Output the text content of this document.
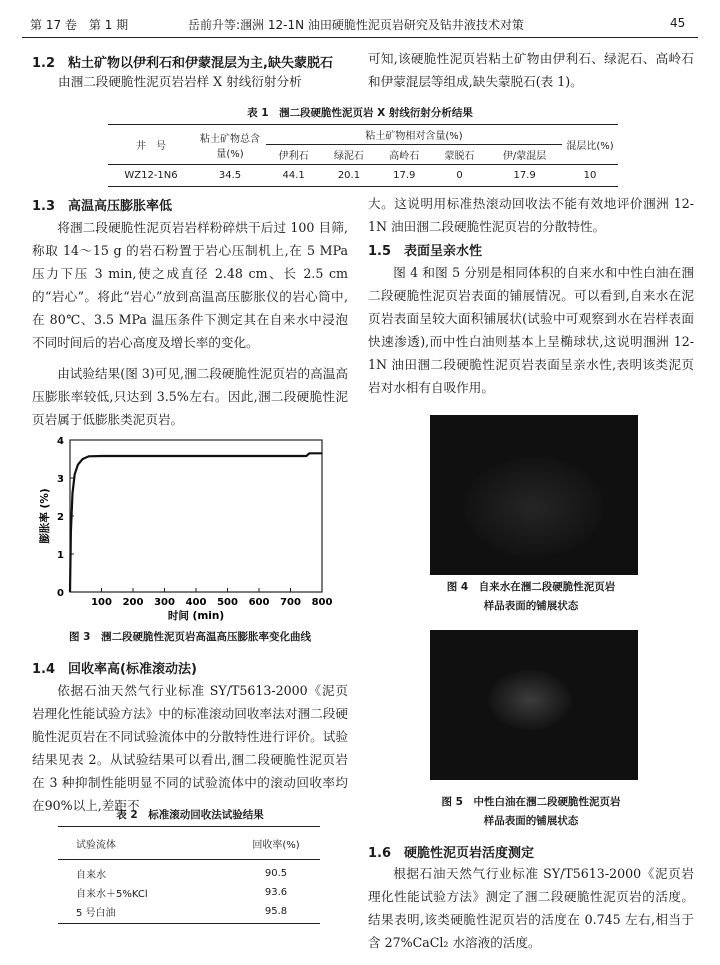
第 17 卷　第 1 期	岳前升等:涠洲 12-1N 油田硬脆性泥页岩研究及钻井液技术对策	45
1.2　粘土矿物以伊利石和伊蒙混层为主,缺失蒙脱石
由涠二段硬脆性泥页岩岩样 X 射线衍射分析
可知,该硬脆性泥页岩粘土矿物由伊利石、绿泥石、高岭石和伊蒙混层等组成,缺失蒙脱石(表 1)。
表 1　涠二段硬脆性泥页岩 X 射线衍射分析结果
井　号	粘土矿物总含量(%)	粘土矿物相对含量(%)					混层比(%)
		伊利石	绿泥石	高岭石	蒙脱石	伊/蒙混层	
WZ12-1N6	34.5	44.1	20.1	17.9	0	17.9	10
1.3　高温高压膨胀率低
将涠二段硬脆性泥页岩岩样粉碎烘干后过 100 目筛,称取 14～15 g 的岩石粉置于岩心压制机上,在 5 MPa 压力下压 3 min,使之成直径 2.48 cm、长 2.5 cm 的“岩心”。将此“岩心”放到高温高压膨胀仪的岩心筒中,在 80℃、3.5 MPa 温压条件下测定其在自来水中浸泡不同时间后的岩心高度及增长率的变化。
由试验结果(图 3)可见,涠二段硬脆性泥页岩的高温高压膨胀率较低,只达到 3.5%左右。因此,涠二段硬脆性泥页岩属于低膨胀类泥页岩。
0
1
2
3
4
100 200 300 400 500 600 700 800
时间 (min)
膨胀率 (%)
图 3　涠二段硬脆性泥页岩高温高压膨胀率变化曲线
1.4　回收率高(标准滚动法)
依据石油天然气行业标准 SY/T5613-2000《泥页岩理化性能试验方法》中的标准滚动回收率法对涠二段硬脆性泥页岩在不同试验流体中的分散特性进行评价。试验结果见表 2。从试验结果可以看出,涠二段硬脆性泥页岩在 3 种抑制性能明显不同的试验流体中的滚动回收率均在90%以上,差距不
表 2　标准滚动回收法试验结果
试验流体	回收率(%)
自来水	90.5
自来水＋5%KCl	93.6
5 号白油	95.8
大。这说明用标准热滚动回收法不能有效地评价涠洲 12-1N 油田涠二段硬脆性泥页岩的分散特性。
1.5　表面呈亲水性
图 4 和图 5 分别是相同体积的自来水和中性白油在涠二段硬脆性泥页岩表面的铺展情况。可以看到,自来水在泥页岩表面呈较大面积铺展状(试验中可观察到水在岩样表面快速渗透),而中性白油则基本上呈椭球状,这说明涠洲 12-1N 油田涠二段硬脆性泥页岩表面呈亲水性,表明该类泥页岩对水相有自吸作用。
图 4　自来水在涠二段硬脆性泥页岩
样品表面的铺展状态
图 5　中性白油在涠二段硬脆性泥页岩
样品表面的铺展状态
1.6　硬脆性泥页岩活度测定
根据石油天然气行业标准 SY/T5613-2000《泥页岩理化性能试验方法》测定了涠二段硬脆性泥页岩的活度。结果表明,该类硬脆性泥页岩的活度在 0.745 左右,相当于含 27%CaCl₂ 水溶液的活度。
